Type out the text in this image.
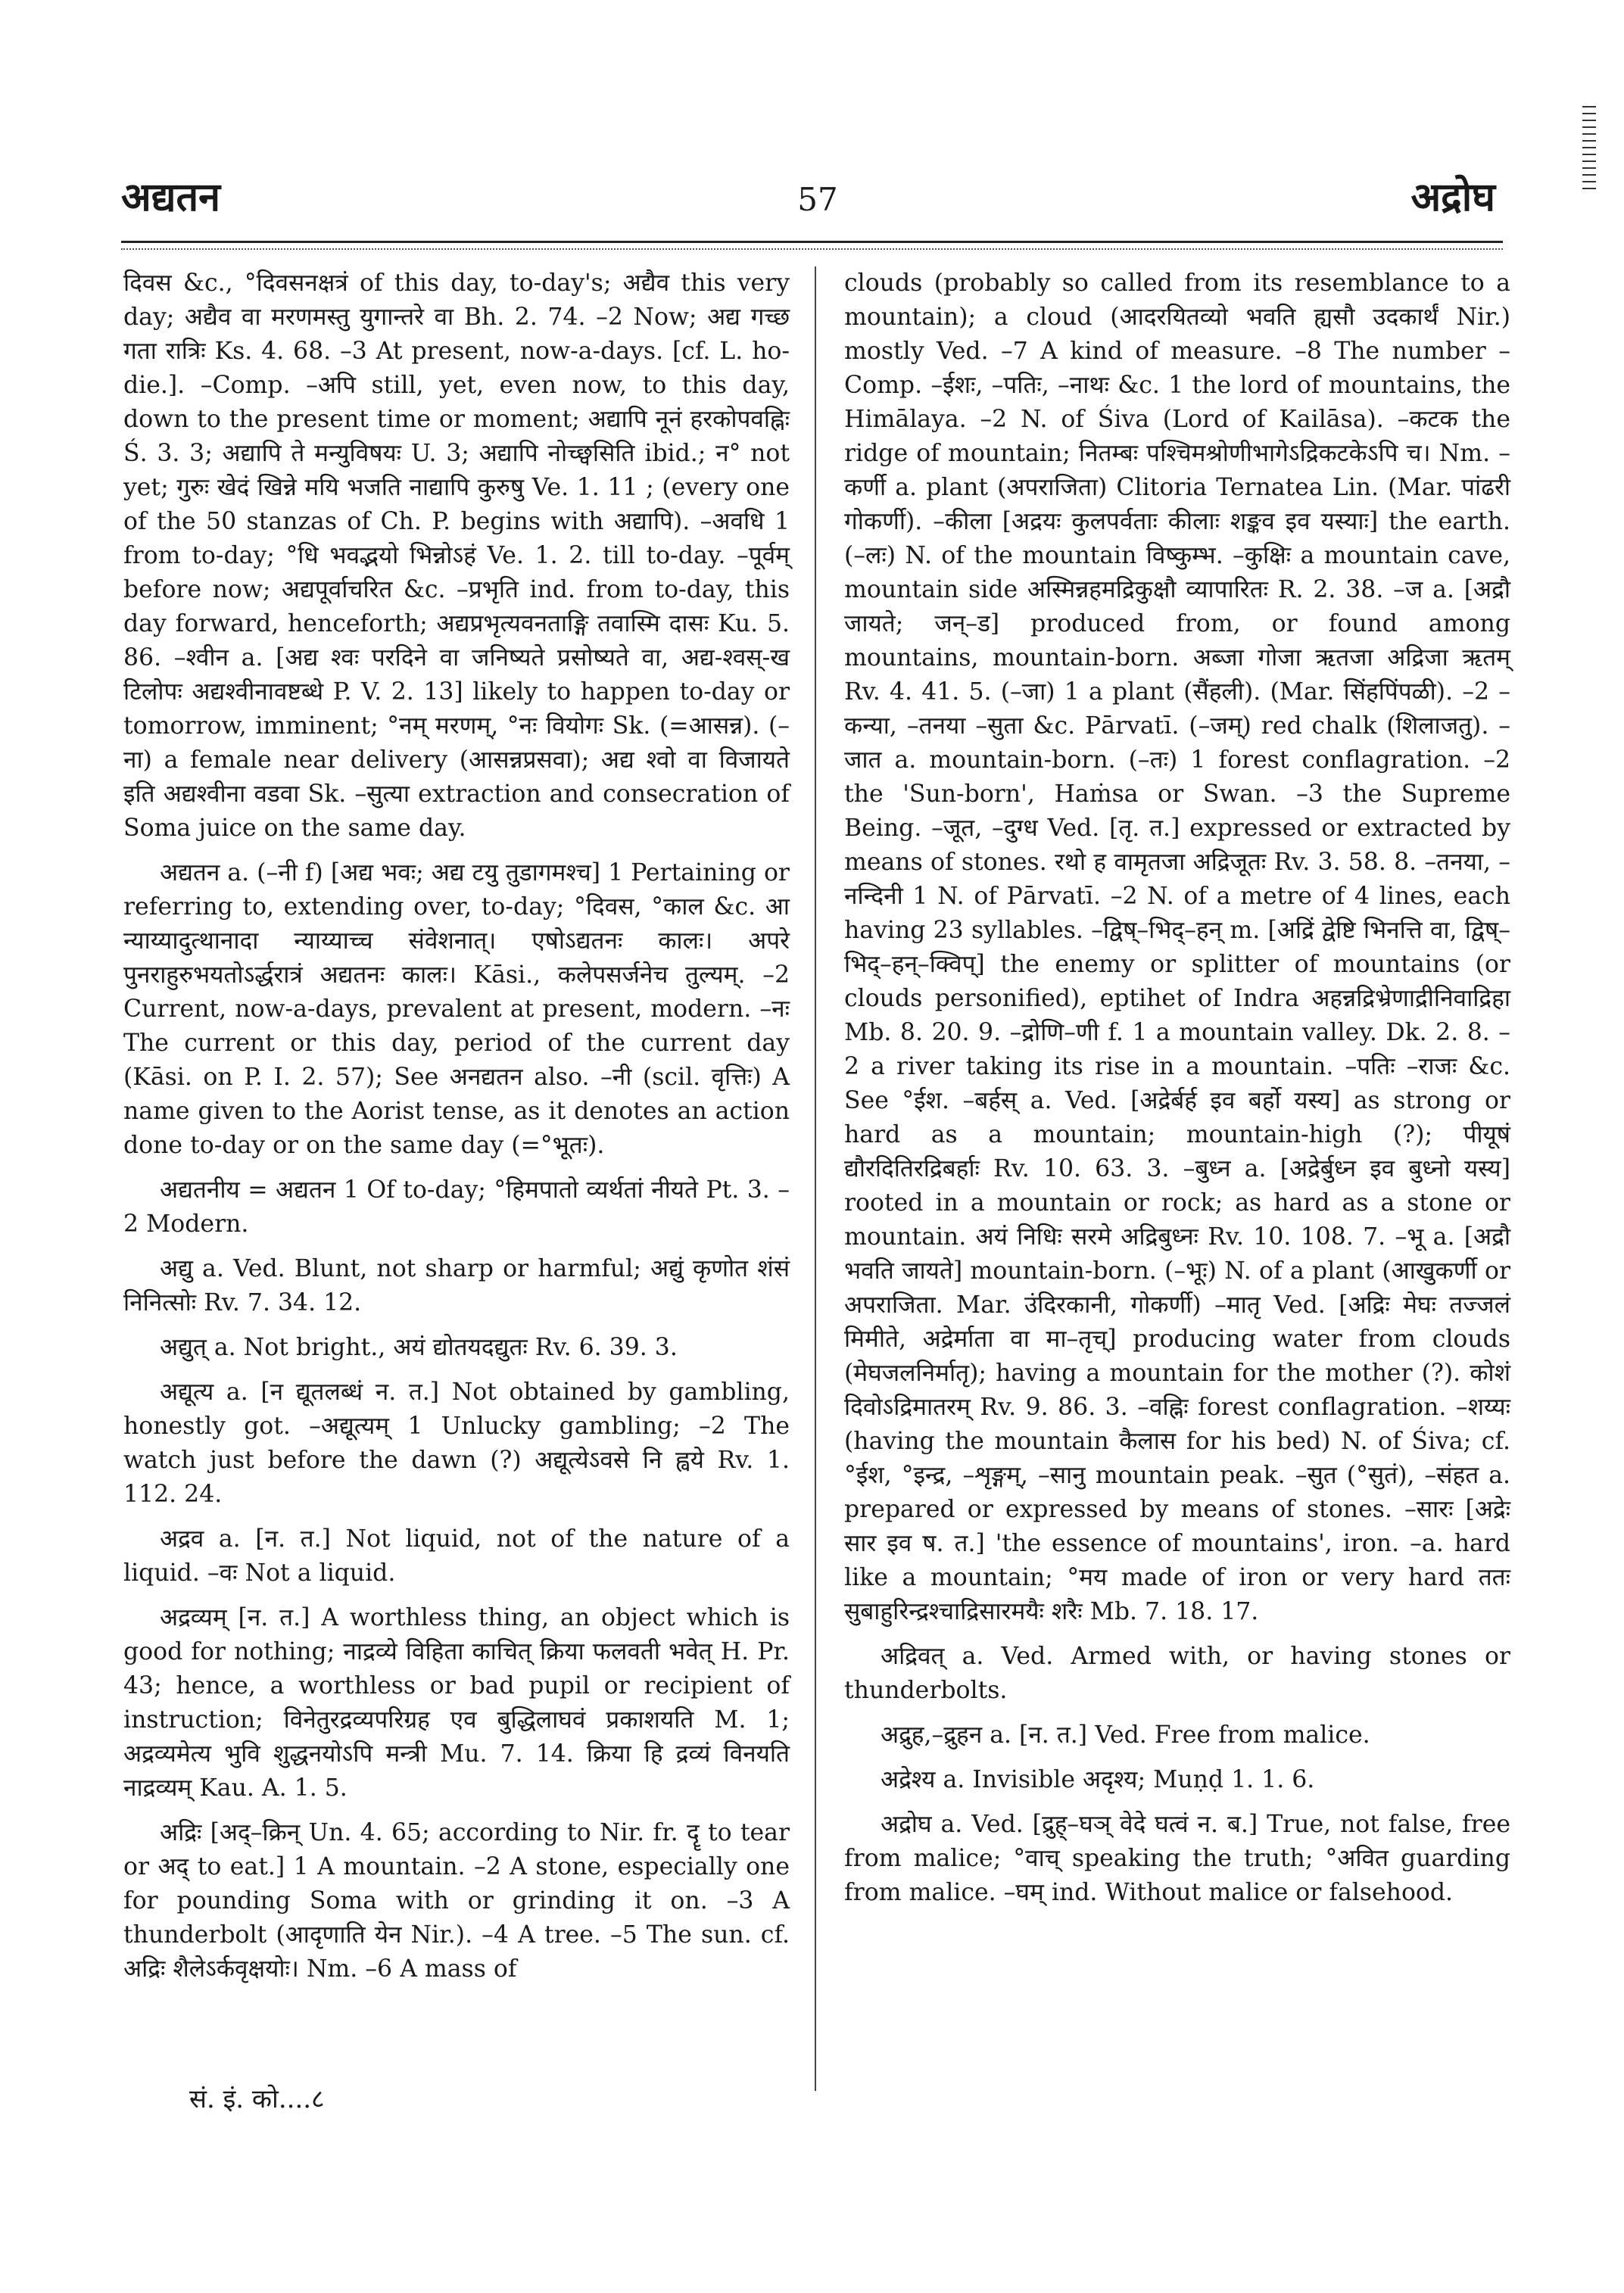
अद्यतन	57	अद्रोघ

दिवस &c., °दिवसनक्षत्रं of this day, to-day's; अद्यैव this very day; अद्यैव वा मरणमस्तु युगान्तरे वा Bh. 2. 74. –2 Now; अद्य गच्छ गता रात्रिः Ks. 4. 68. –3 At present, now-a-days. [cf. L. ho-die.]. –Comp. –अपि still, yet, even now, to this day, down to the present time or moment; अद्यापि नूनं हरकोपवह्निः Ś. 3. 3; अद्यापि ते मन्युविषयः U. 3; अद्यापि नोच्छ्वसिति ibid.; न° not yet; गुरुः खेदं खिन्ने मयि भजति नाद्यापि कुरुषु Ve. 1. 11 ; (every one of the 50 stanzas of Ch. P. begins with अद्यापि). –अवधि 1 from to-day; °धि भवद्भयो भिन्नोऽहं Ve. 1. 2. till to-day. –पूर्वम् before now; अद्यपूर्वाचरित &c. –प्रभृति ind. from to-day, this day forward, henceforth; अद्यप्रभृत्यवनताङ्गि तवास्मि दासः Ku. 5. 86. –श्वीन a. [अद्य श्वः परदिने वा जनिष्यते प्रसोष्यते वा, अद्य-श्वस्-ख टिलोपः अद्यश्वीनावष्टब्धे P. V. 2. 13] likely to happen to-day or tomorrow, imminent; °नम् मरणम्, °नः वियोगः Sk. (=आसन्न). (–ना) a female near delivery (आसन्नप्रसवा); अद्य श्वो वा विजायते इति अद्यश्वीना वडवा Sk. –सुत्या extraction and consecration of Soma juice on the same day.

अद्यतन a. (–नी f) [अद्य भवः; अद्य टयु तुडागमश्च] 1 Pertaining or referring to, extending over, to-day; °दिवस, °काल &c. आ न्याय्यादुत्थानादा न्याय्याच्च संवेशनात्। एषोऽद्यतनः कालः। अपरे पुनराहुरुभयतोऽर्द्धरात्रं अद्यतनः कालः। Kāsi., कलेपसर्जनेच तुल्यम्. –2 Current, now-a-days, prevalent at present, modern. –नः The current or this day, period of the current day (Kāsi. on P. I. 2. 57); See अनद्यतन also. –नी (scil. वृत्तिः) A name given to the Aorist tense, as it denotes an action done to-day or on the same day (=°भूतः).

अद्यतनीय = अद्यतन 1 Of to-day; °हिमपातो व्यर्थतां नीयते Pt. 3. –2 Modern.

अद्यु a. Ved. Blunt, not sharp or harmful; अद्युं कृणोत शंसं निनित्सोः Rv. 7. 34. 12.

अद्युत् a. Not bright., अयं द्योतयदद्युतः Rv. 6. 39. 3.

अद्यूत्य a. [न द्यूतलब्धं न. त.] Not obtained by gambling, honestly got. –अद्यूत्यम् 1 Unlucky gambling; –2 The watch just before the dawn (?) अद्यूत्येऽवसे नि ह्वये Rv. 1. 112. 24.

अद्रव a. [न. त.] Not liquid, not of the nature of a liquid. –वः Not a liquid.

अद्रव्यम् [न. त.] A worthless thing, an object which is good for nothing; नाद्रव्ये विहिता काचित् क्रिया फलवती भवेत् H. Pr. 43; hence, a worthless or bad pupil or recipient of instruction; विनेतुरद्रव्यपरिग्रह एव बुद्धिलाघवं प्रकाशयति M. 1; अद्रव्यमेत्य भुवि शुद्धनयोऽपि मन्त्री Mu. 7. 14. क्रिया हि द्रव्यं विनयति नाद्रव्यम् Kau. A. 1. 5.

अद्रिः [अद्–क्रिन् Un. 4. 65; according to Nir. fr. दॄ to tear or अद् to eat.] 1 A mountain. –2 A stone, especially one for pounding Soma with or grinding it on. –3 A thunderbolt (आदृणाति येन Nir.). –4 A tree. –5 The sun. cf. अद्रिः शैलेऽर्कवृक्षयोः। Nm. –6 A mass of

clouds (probably so called from its resemblance to a mountain); a cloud (आदरयितव्यो भवति ह्यसौ उदकार्थं Nir.) mostly Ved. –7 A kind of measure. –8 The number –Comp. –ईशः, –पतिः, –नाथः &c. 1 the lord of mountains, the Himālaya. –2 N. of Śiva (Lord of Kailāsa). –कटक the ridge of mountain; नितम्बः पश्चिमश्रोणीभागेऽद्रिकटकेऽपि च। Nm. –कर्णी a. plant (अपराजिता) Clitoria Ternatea Lin. (Mar. पांढरी गोकर्णी). –कीला [अद्रयः कुलपर्वताः कीलाः शङ्कव इव यस्याः] the earth. (–लः) N. of the mountain विष्कुम्भ. –कुक्षिः a mountain cave, mountain side अस्मिन्नहमद्रिकुक्षौ व्यापारितः R. 2. 38. –ज a. [अद्रौ जायते; जन्–ड] produced from, or found among mountains, mountain-born. अब्जा गोजा ऋतजा अद्रिजा ऋतम् Rv. 4. 41. 5. (–जा) 1 a plant (सैंहली). (Mar. सिंहपिंपळी). –2 –कन्या, –तनया –सुता &c. Pārvatī. (–जम्) red chalk (शिलाजतु). –जात a. mountain-born. (–तः) 1 forest conflagration. –2 the 'Sun-born', Haṁsa or Swan. –3 the Supreme Being. –जूत, –दुग्ध Ved. [तृ. त.] expressed or extracted by means of stones. रथो ह वामृतजा अद्रिजूतः Rv. 3. 58. 8. –तनया, –नन्दिनी 1 N. of Pārvatī. –2 N. of a metre of 4 lines, each having 23 syllables. –द्विष्–भिद्–हन् m. [अद्रिं द्वेष्टि भिनत्ति वा, द्विष्–भिद्–हन्–क्विप्] the enemy or splitter of mountains (or clouds personified), eptihet of Indra अहन्नद्रिभ्रेणाद्रीनिवाद्रिहा Mb. 8. 20. 9. –द्रोणि–णी f. 1 a mountain valley. Dk. 2. 8. –2 a river taking its rise in a mountain. –पतिः –राजः &c. See °ईश. –बर्हस् a. Ved. [अद्रेर्बर्ह इव बर्हो यस्य] as strong or hard as a mountain; mountain-high (?); पीयूषं द्यौरदितिरद्रिबर्हाः Rv. 10. 63. 3. –बुध्न a. [अद्रेर्बुध्न इव बुध्नो यस्य] rooted in a mountain or rock; as hard as a stone or mountain. अयं निधिः सरमे अद्रिबुध्नः Rv. 10. 108. 7. –भू a. [अद्रौ भवति जायते] mountain-born. (–भूः) N. of a plant (आखुकर्णी or अपराजिता. Mar. उंदिरकानी, गोकर्णी) –मातृ Ved. [अद्रिः मेघः तज्जलं मिमीते, अद्रेर्माता वा मा–तृच्] producing water from clouds (मेघजलनिर्मातृ); having a mountain for the mother (?). कोशं दिवोऽद्रिमातरम् Rv. 9. 86. 3. –वह्निः forest conflagration. –शय्यः (having the mountain कैलास for his bed) N. of Śiva; cf. °ईश, °इन्द्र, –शृङ्गम्, –सानु mountain peak. –सुत (°सुतं), –संहत a. prepared or expressed by means of stones. –सारः [अद्रेः सार इव ष. त.] 'the essence of mountains', iron. –a. hard like a mountain; °मय made of iron or very hard ततः सुबाहुरिन्द्रश्चाद्रिसारमयैः शरैः Mb. 7. 18. 17.

अद्रिवत् a. Ved. Armed with, or having stones or thunderbolts.

अद्रुह,–द्रुहन a. [न. त.] Ved. Free from malice.

अद्रेश्य a. Invisible अदृश्य; Muṇḍ 1. 1. 6.

अद्रोघ a. Ved. [द्रुह्–घञ् वेदे घत्वं न. ब.] True, not false, free from malice; °वाच् speaking the truth; °अवित guarding from malice. –घम् ind. Without malice or falsehood.

सं. इं. को....८
